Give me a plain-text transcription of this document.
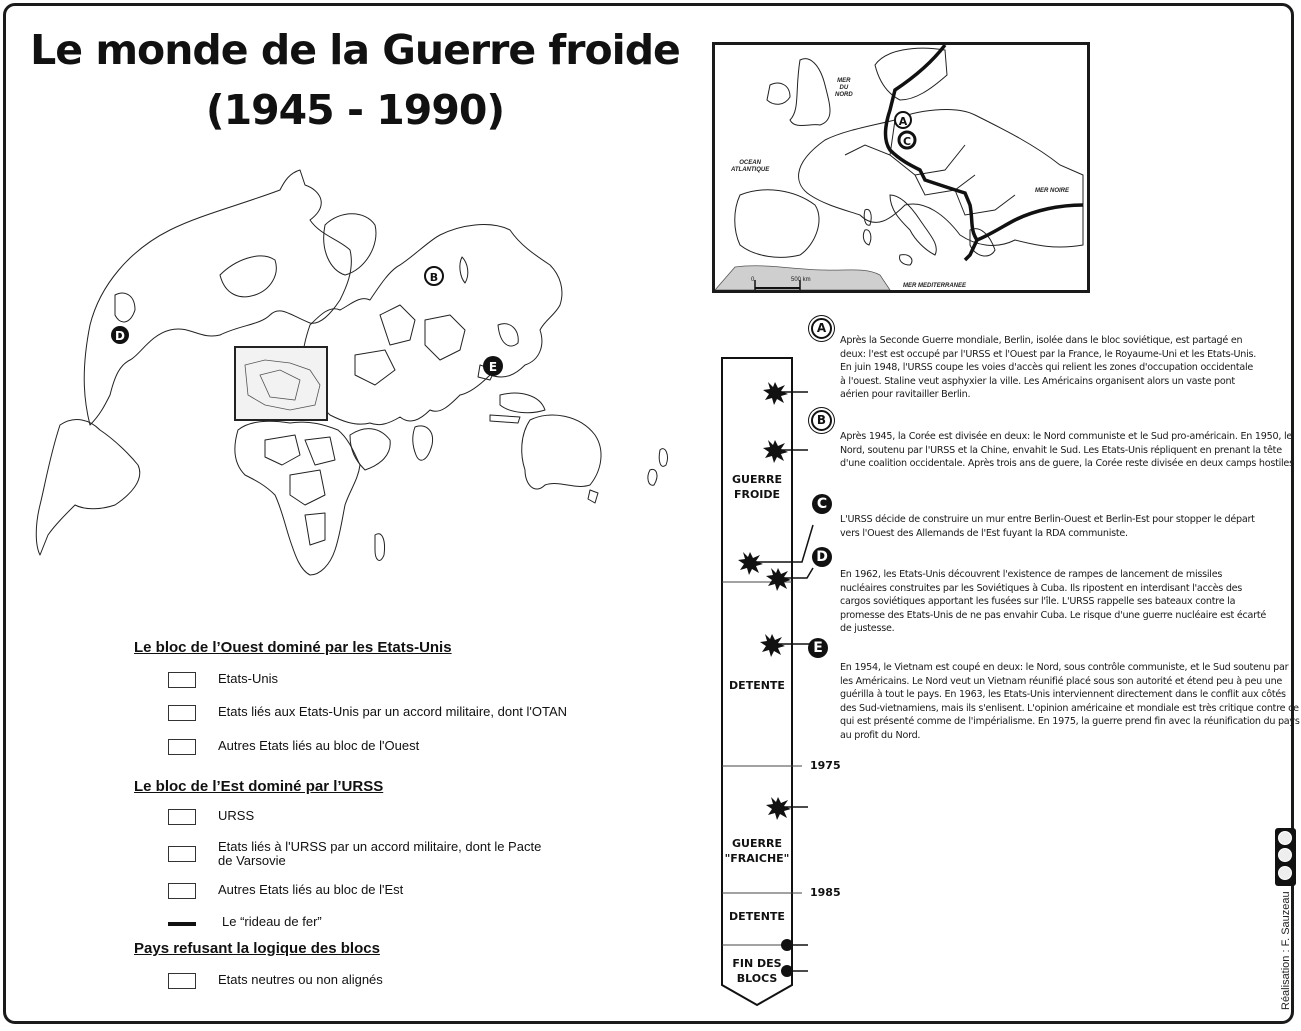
Le monde de la Guerre froide
(1945 - 1990)
D
B
E
A
C
MER
DU
NORD
OCEAN
ATLANTIQUE
MER NOIRE
MER MEDITERRANEE
0	500 km
GUERRE
FROIDE
DETENTE
GUERRE
"FRAICHE"
DETENTE
FIN DES
BLOCS
1975
1985
A
B
C
D
E
Après la Seconde Guerre mondiale, Berlin, isolée dans le bloc soviétique, est partagé en deux: l'est est occupé par l'URSS et l'Ouest par la France, le Royaume-Uni et les Etats-Unis. En juin 1948, l'URSS coupe les voies d'accès qui relient les zones d'occupation occidentale à l'ouest. Staline veut asphyxier la ville. Les Américains organisent alors un vaste pont aérien pour ravitailler Berlin.
Après 1945, la Corée est divisée en deux: le Nord communiste et le Sud pro-américain. En 1950, le Nord, soutenu par l'URSS et la Chine, envahit le Sud. Les Etats-Unis répliquent en prenant la tête d'une coalition occidentale. Après trois ans de guere, la Corée reste divisée en deux camps hostiles
L'URSS décide de construire un mur entre Berlin-Ouest et Berlin-Est pour stopper le départ vers l'Ouest des Allemands de l'Est fuyant la RDA communiste.
En 1962, les Etats-Unis découvrent l'existence de rampes de lancement de missiles nucléaires construites par les Soviétiques à Cuba. Ils ripostent en interdisant l'accès des cargos soviétiques apportant les fusées sur l'île. L'URSS rappelle ses bateaux contre la promesse des Etats-Unis de ne pas envahir Cuba. Le risque d'une guerre nucléaire est écarté de justesse.
En 1954, le Vietnam est coupé en deux: le Nord, sous contrôle communiste, et le Sud soutenu par les Américains. Le Nord veut un Vietnam réunifié placé sous son autorité et étend peu à peu une guérilla à tout le pays. En 1963, les Etats-Unis interviennent directement dans le conflit aux côtés des Sud-vietnamiens, mais ils s'enlisent. L'opinion américaine et mondiale est très critique contre ce qui est présenté comme de l'impérialisme. En 1975, la guerre prend fin avec la réunification du pays au profit du Nord.
Le bloc de l’Ouest dominé par les Etats-Unis
Etats-Unis
Etats liés aux Etats-Unis par un accord militaire, dont l'OTAN
Autres Etats liés au bloc de l'Ouest
Le bloc de l’Est dominé par l’URSS
URSS
Etats liés à l'URSS par un accord militaire, dont le Pacte de Varsovie
Autres Etats liés au bloc de l'Est
Le “rideau de fer”
Pays refusant la logique des blocs
Etats neutres ou non alignés	Réalisation : F. Sauzeau
